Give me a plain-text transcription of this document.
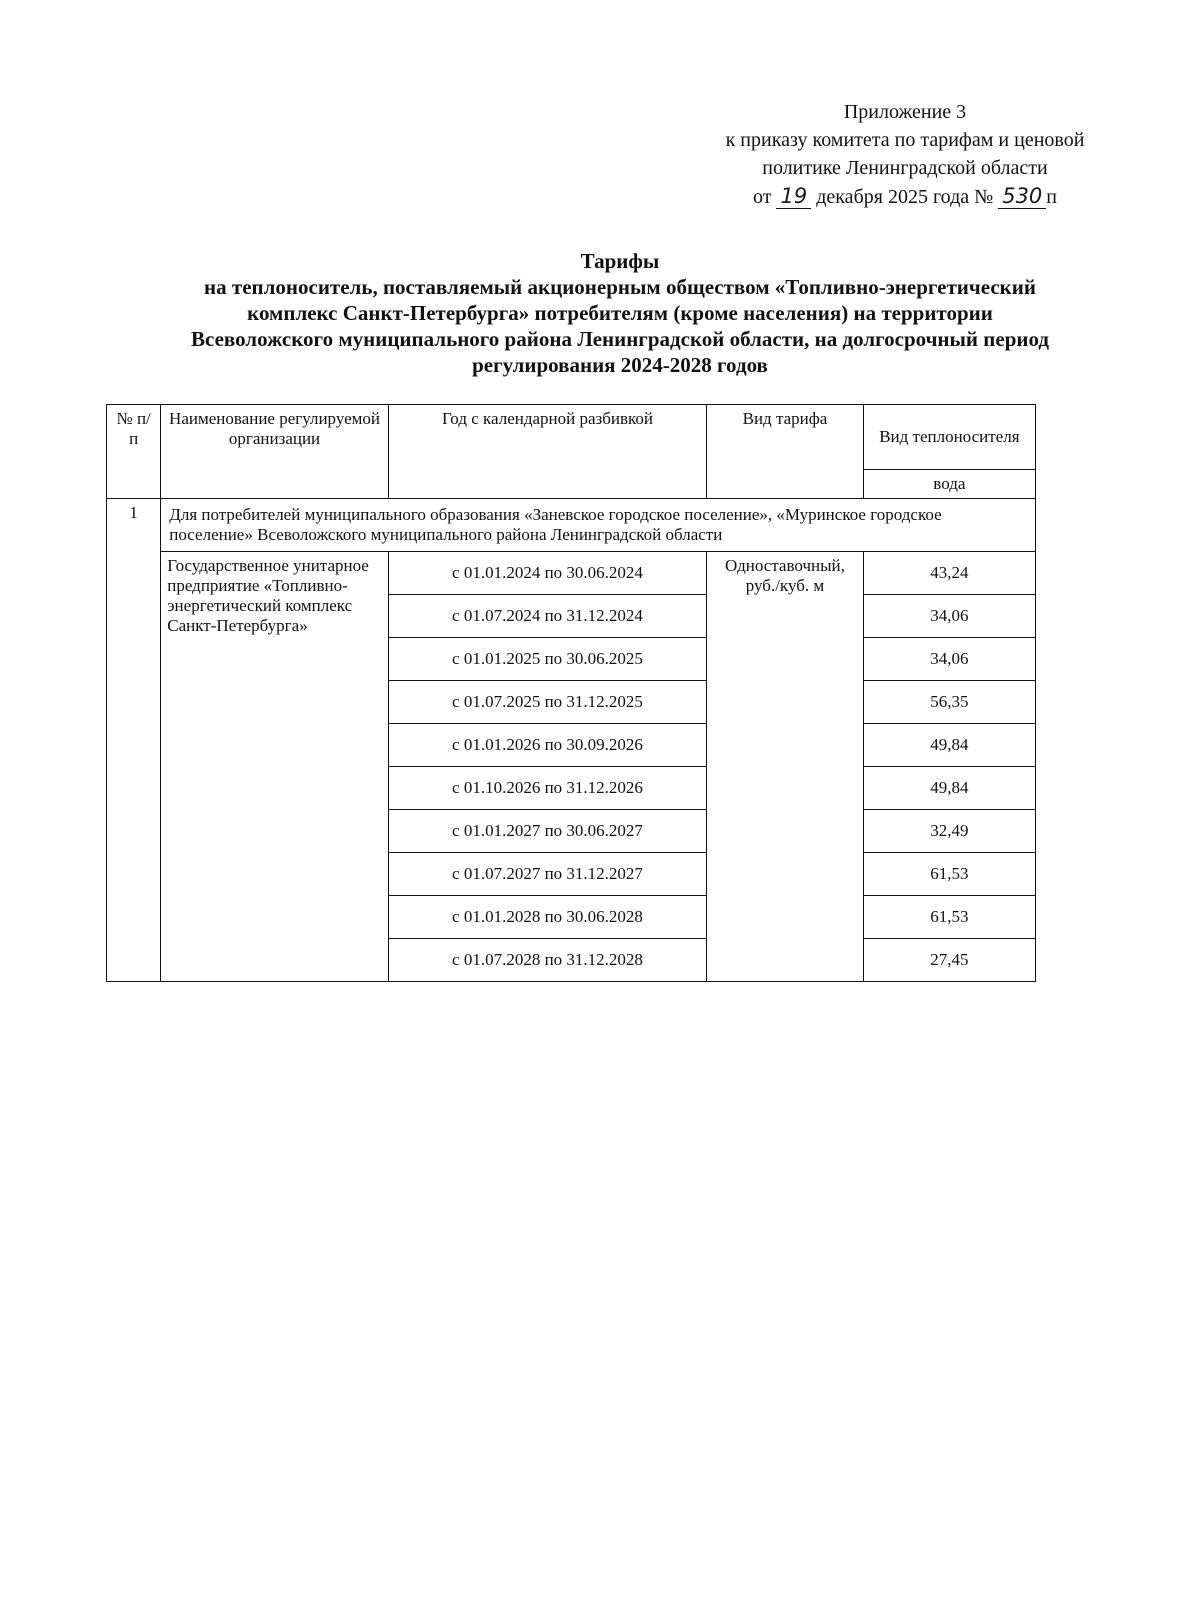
Приложение 3
к приказу комитета по тарифам и ценовой
политике Ленинградской области
от 19 декабря 2025 года № 530 п
Тарифы
на теплоноситель, поставляемый акционерным обществом «Топливно-энергетический
комплекс Санкт-Петербурга» потребителям (кроме населения) на территории
Всеволожского муниципального района Ленинградской области, на долгосрочный период
регулирования 2024-2028 годов
№ п/п	Наименование регулируемой организации	Год с календарной разбивкой	Вид тарифа	Вид теплоносителя
				вода
1	Для потребителей муниципального образования «Заневское городское поселение», «Муринское городское поселение» Всеволожского муниципального района Ленинградской области			
	Государственное унитарное предприятие «Топливно-энергетический комплекс Санкт-Петербурга»	с 01.01.2024 по 30.06.2024	Одноставочный, руб./куб. м	43,24
		с 01.07.2024 по 31.12.2024		34,06
		с 01.01.2025 по 30.06.2025		34,06
		с 01.07.2025 по 31.12.2025		56,35
		с 01.01.2026 по 30.09.2026		49,84
		с 01.10.2026 по 31.12.2026		49,84
		с 01.01.2027 по 30.06.2027		32,49
		с 01.07.2027 по 31.12.2027		61,53
		с 01.01.2028 по 30.06.2028		61,53
		с 01.07.2028 по 31.12.2028		27,45
